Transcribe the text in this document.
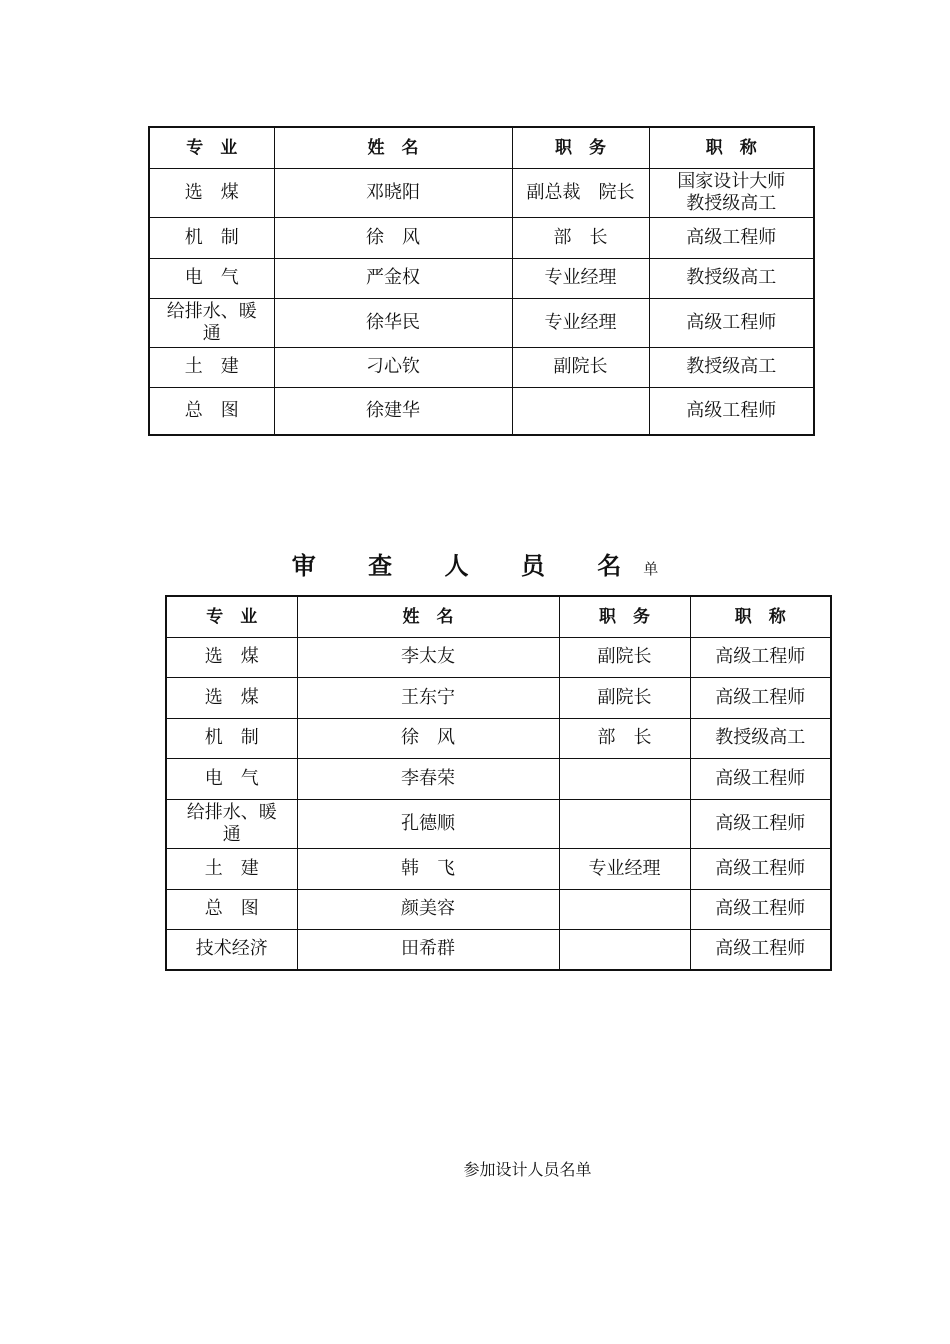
专　业	姓　名	职　务	职　称
选　煤	邓晓阳	副总裁　院长	国家设计大师
教授级高工
机　制	徐　风	部　长	高级工程师
电　气	严金权	专业经理	教授级高工
给排水、暖
通	徐华民	专业经理	高级工程师
土　建	刁心钦	副院长	教授级高工
总　图	徐建华		高级工程师
审 查 人 员 名单
专　业	姓　名	职　务	职　称
选　煤	李太友	副院长	高级工程师
选　煤	王东宁	副院长	高级工程师
机　制	徐　风	部　长	教授级高工
电　气	李春荣		高级工程师
给排水、暖
通	孔德顺		高级工程师
土　建	韩　飞	专业经理	高级工程师
总　图	颜美容		高级工程师
技术经济	田希群		高级工程师
参加设计人员名单
